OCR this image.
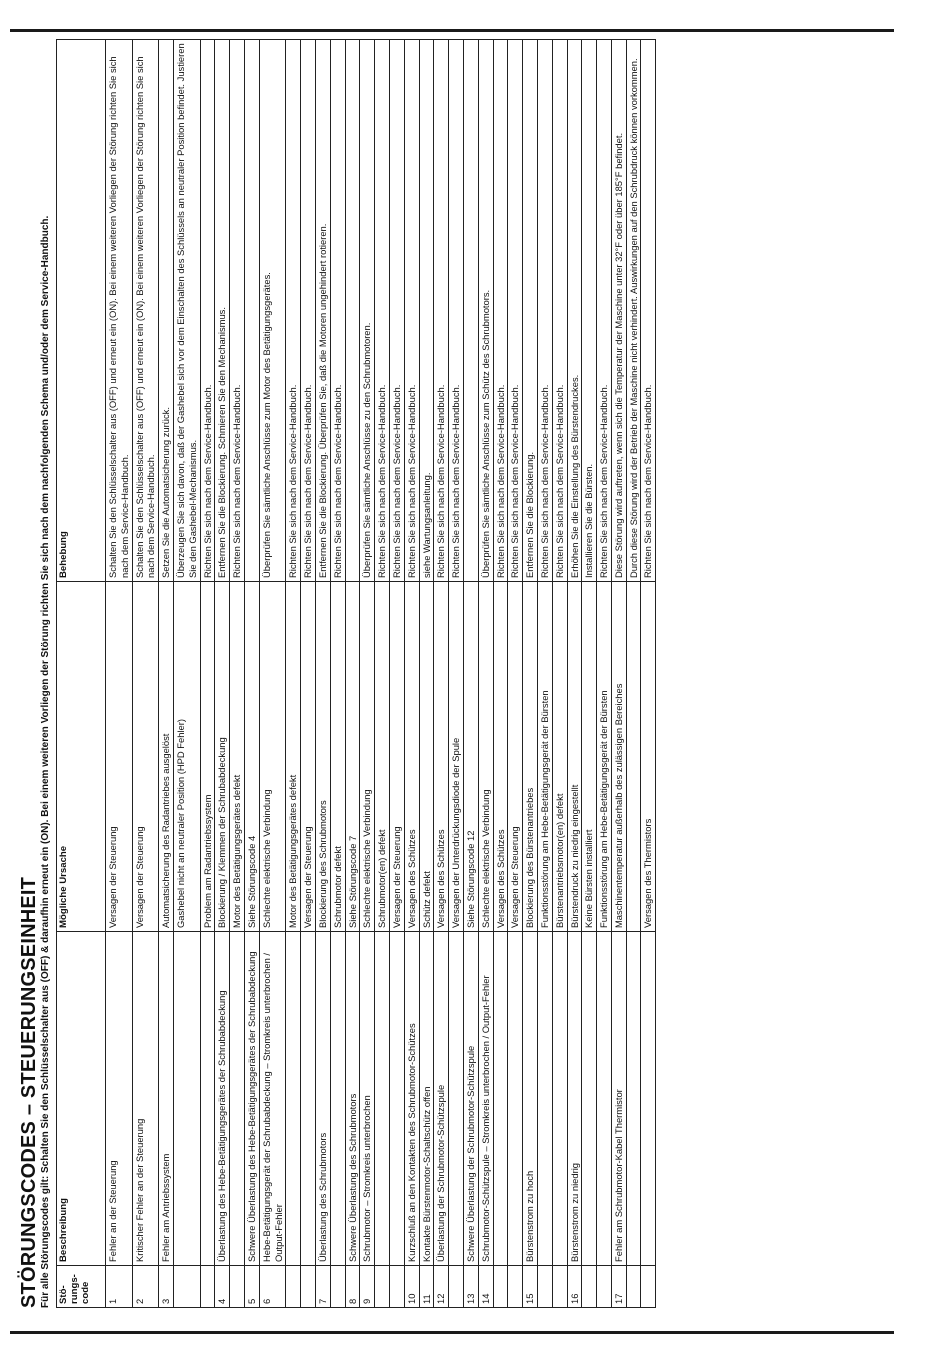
STÖRUNGSCODES – STEUERUNGSEINHEIT Für alle Störungscodes gilt: Schalten Sie den Schlüsselschalter aus (OFF) & daraufhin erneut ein (ON). Bei einem weiteren Vorliegen der Störung richten Sie sich nach dem nachfolgenden Schema und/oder dem Service-Handbuch. Stö-rungs-code	Beschreibung	Mögliche Ursache	Behebung
1	Fehler an der Steuerung	Versagen der Steuerung	Schalten Sie den Schlüsselschalter aus (OFF) und erneut ein (ON). Bei einem weiteren Vorliegen der Störung richten Sie sich nach dem Service-Handbuch.
2	Kritischer Fehler an der Steuerung	Versagen der Steuerung	Schalten Sie den Schlüsselschalter aus (OFF) und erneut ein (ON). Bei einem weiteren Vorliegen der Störung richten Sie sich nach dem Service-Handbuch.
3	Fehler am Antriebssystem	Automatsicherung des Radantriebes ausgelöst	Setzen Sie die Automatsicherung zurück.
		Gashebel nicht an neutraler Position (HPD Fehler)	Überzeugen Sie sich davon, daß der Gashebel sich vor dem Einschalten des Schlüssels an neutraler Position befindet. Justieren Sie den Gashebel-Mechanismus.
		Problem am Radantriebssystem	Richten Sie sich nach dem Service-Handbuch.
4	Überlastung des Hebe-Betätigungsgerätes der Schrubabdeckung	Blockierung / Klemmen der Schrubabdeckung	Entfernen Sie die Blockierung. Schmieren Sie den Mechanismus.
		Motor des Betätigungsgerätes defekt	Richten Sie sich nach dem Service-Handbuch.
5	Schwere Überlastung des Hebe-Betätigungsgerätes der Schrubabdeckung	Siehe Störungscode 4	
6	Hebe-Betätigungsgerät der Schrubabdeckung – Stromkreis unterbrochen / Output-Fehler	Schlechte elektrische Verbindung	Überprüfen Sie sämtliche Anschlüsse zum Motor des Betätigungsgerätes.
		Motor des Betätigungsgerätes defekt	Richten Sie sich nach dem Service-Handbuch.
		Versagen der Steuerung	Richten Sie sich nach dem Service-Handbuch.
7	Überlastung des Schrubmotors	Blockierung des Schrubmotors	Entfernen Sie die Blockierung. Überprüfen Sie, daß die Motoren ungehindert rotieren.
		Schrubmotor defekt	Richten Sie sich nach dem Service-Handbuch.
8	Schwere Überlastung des Schrubmotors	Siehe Störungscode 7	
9	Schrubmotor – Stromkreis unterbrochen	Schlechte elektrische Verbindung	Überprüfen Sie sämtliche Anschlüsse zu den Schrubmotoren.
		Schrubmotor(en) defekt	Richten Sie sich nach dem Service-Handbuch.
		Versagen der Steuerung	Richten Sie sich nach dem Service-Handbuch.
10	Kurzschluß an den Kontakten des Schrubmotor-Schützes	Versagen des Schützes	Richten Sie sich nach dem Service-Handbuch.
11	Kontakte Bürstenmotor-Schaltschütz offen	Schütz defekt	siehe Wartungsanleitung.
12	Überlastung der Schrubmotor-Schützspule	Versagen des Schützes	Richten Sie sich nach dem Service-Handbuch.
		Versagen der Unterdrückungsdiode der Spule	Richten Sie sich nach dem Service-Handbuch.
13	Schwere Überlastung der Schrubmotor-Schützspule	Siehe Störungscode 12	
14	Schrubmotor-Schützspule – Stromkreis unterbrochen / Output-Fehler	Schlechte elektrische Verbindung	Überprüfen Sie sämtliche Anschlüsse zum Schütz des Schrubmotors.
		Versagen des Schützes	Richten Sie sich nach dem Service-Handbuch.
		Versagen der Steuerung	Richten Sie sich nach dem Service-Handbuch.
15	Bürstenstrom zu hoch	Blockierung des Bürstenantriebes	Entfernen Sie die Blockierung.
		Funktionsstörung am Hebe-Betätigungsgerät der Bürsten	Richten Sie sich nach dem Service-Handbuch.
		Bürstenantriebsmotor(en) defekt	Richten Sie sich nach dem Service-Handbuch.
16	Bürstenstrom zu niedrig	Bürstendruck zu niedrig eingestellt	Erhöhen Sie die Einstellung des Bürstendruckes.
		Keine Bürsten installiert	Installieren Sie die Bürsten.
		Funktionsstörung am Hebe-Betätigungsgerät der Bürsten	Richten Sie sich nach dem Service-Handbuch.
17	Fehler am Schrubmotor-Kabel Thermistor	Maschinentemperatur außerhalb des zulässigen Bereiches	Diese Störung wird auftreten, wenn sich die Temperatur der Maschine unter 32°F oder über 185°F befindet.
			Durch diese Störung wird der Betrieb der Maschine nicht verhindert. Auswirkungen auf den Schrubdruck können vorkommen.
		Versagen des Thermistors	Richten Sie sich nach dem Service-Handbuch.
